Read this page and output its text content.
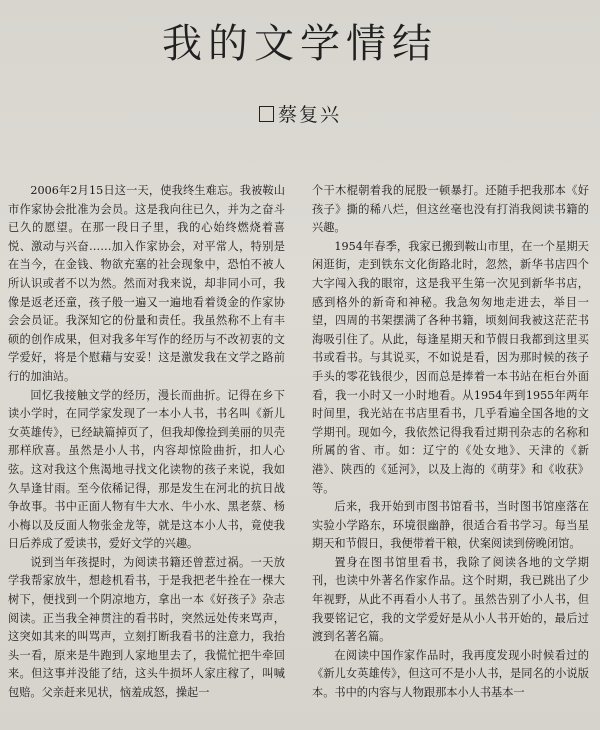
我的文学情结
蔡复兴

2006年2月15日这一天，使我终生难忘。我被鞍山市作家协会批准为会员。这是我向往已久，并为之奋斗已久的愿望。在那一段日子里，我的心始终燃烧着喜悦、激动与兴奋……加入作家协会，对平常人，特别是在当今，在金钱、物欲充塞的社会现象中，恐怕不被人所认识或者不以为然。然而对我来说，却非同小可，我像是返老还童，孩子般一遍又一遍地看着烫金的作家协会会员证。我深知它的份量和责任。我虽然称不上有丰硕的创作成果，但对我多年写作的经历与不改初衷的文学爱好，将是个慰藉与安妥！这是激发我在文学之路前行的加油站。

回忆我接触文学的经历，漫长而曲折。记得在乡下读小学时，在同学家发现了一本小人书，书名叫《新儿女英雄传》，已经缺篇掉页了，但我却像捡到美丽的贝壳那样欣喜。虽然是小人书，内容却惊险曲折，扣人心弦。这对我这个焦渴地寻找文化读物的孩子来说，我如久旱逢甘雨。至今依稀记得，那是发生在河北的抗日战争故事。书中正面人物有牛大水、牛小水、黑老蔡、杨小梅以及反面人物张金龙等，就是这本小人书，竟使我日后养成了爱读书，爱好文学的兴趣。

说到当年孩提时，为阅读书籍还曾惹过祸。一天放学我帮家放牛，想趁机看书，于是我把老牛拴在一棵大树下，便找到一个阴凉地方，拿出一本《好孩子》杂志阅读。正当我全神贯注的看书时，突然远处传来骂声，这突如其来的叫骂声，立刻打断我看书的注意力，我抬头一看，原来是牛跑到人家地里去了，我慌忙把牛牵回来。但这事并没能了结，这头牛损坏人家庄稼了，叫喊包赔。父亲赶来见状，恼羞成怒，操起一

个干木棍朝着我的屁股一顿暴打。还随手把我那本《好孩子》撕的稀八烂，但这丝毫也没有打消我阅读书籍的兴趣。

1954年春季，我家已搬到鞍山市里，在一个星期天闲逛街，走到铁东文化街路北时，忽然，新华书店四个大字闯入我的眼帘，这是我平生第一次见到新华书店，感到格外的新奇和神秘。我急匆匆地走进去，举目一望，四周的书架摆满了各种书籍，顷刻间我被这茫茫书海吸引住了。从此，每逢星期天和节假日我都到这里买书或看书。与其说买，不如说是看，因为那时候的孩子手头的零花钱很少，因而总是捧着一本书站在柜台外面看，我一小时又一小时地看。从1954年到1955年两年时间里，我光站在书店里看书，几乎看遍全国各地的文学期刊。现如今，我依然记得我看过期刊杂志的名称和所属的省、市。如：辽宁的《处女地》、天津的《新港》、陕西的《延河》，以及上海的《萌芽》和《收获》等。

后来，我开始到市图书馆看书，当时图书馆座落在实验小学路东，环境很幽静，很适合看书学习。每当星期天和节假日，我便带着干粮，伏案阅读到傍晚闭馆。

置身在图书馆里看书，我除了阅读各地的文学期刊，也读中外著名作家作品。这个时期，我已跳出了少年视野，从此不再看小人书了。虽然告别了小人书，但我要铭记它，我的文学爱好是从小人书开始的，最后过渡到名著名篇。

在阅读中国作家作品时，我再度发现小时候看过的《新儿女英雄传》，但这可不是小人书，是同名的小说版本。书中的内容与人物跟那本小人书基本一
